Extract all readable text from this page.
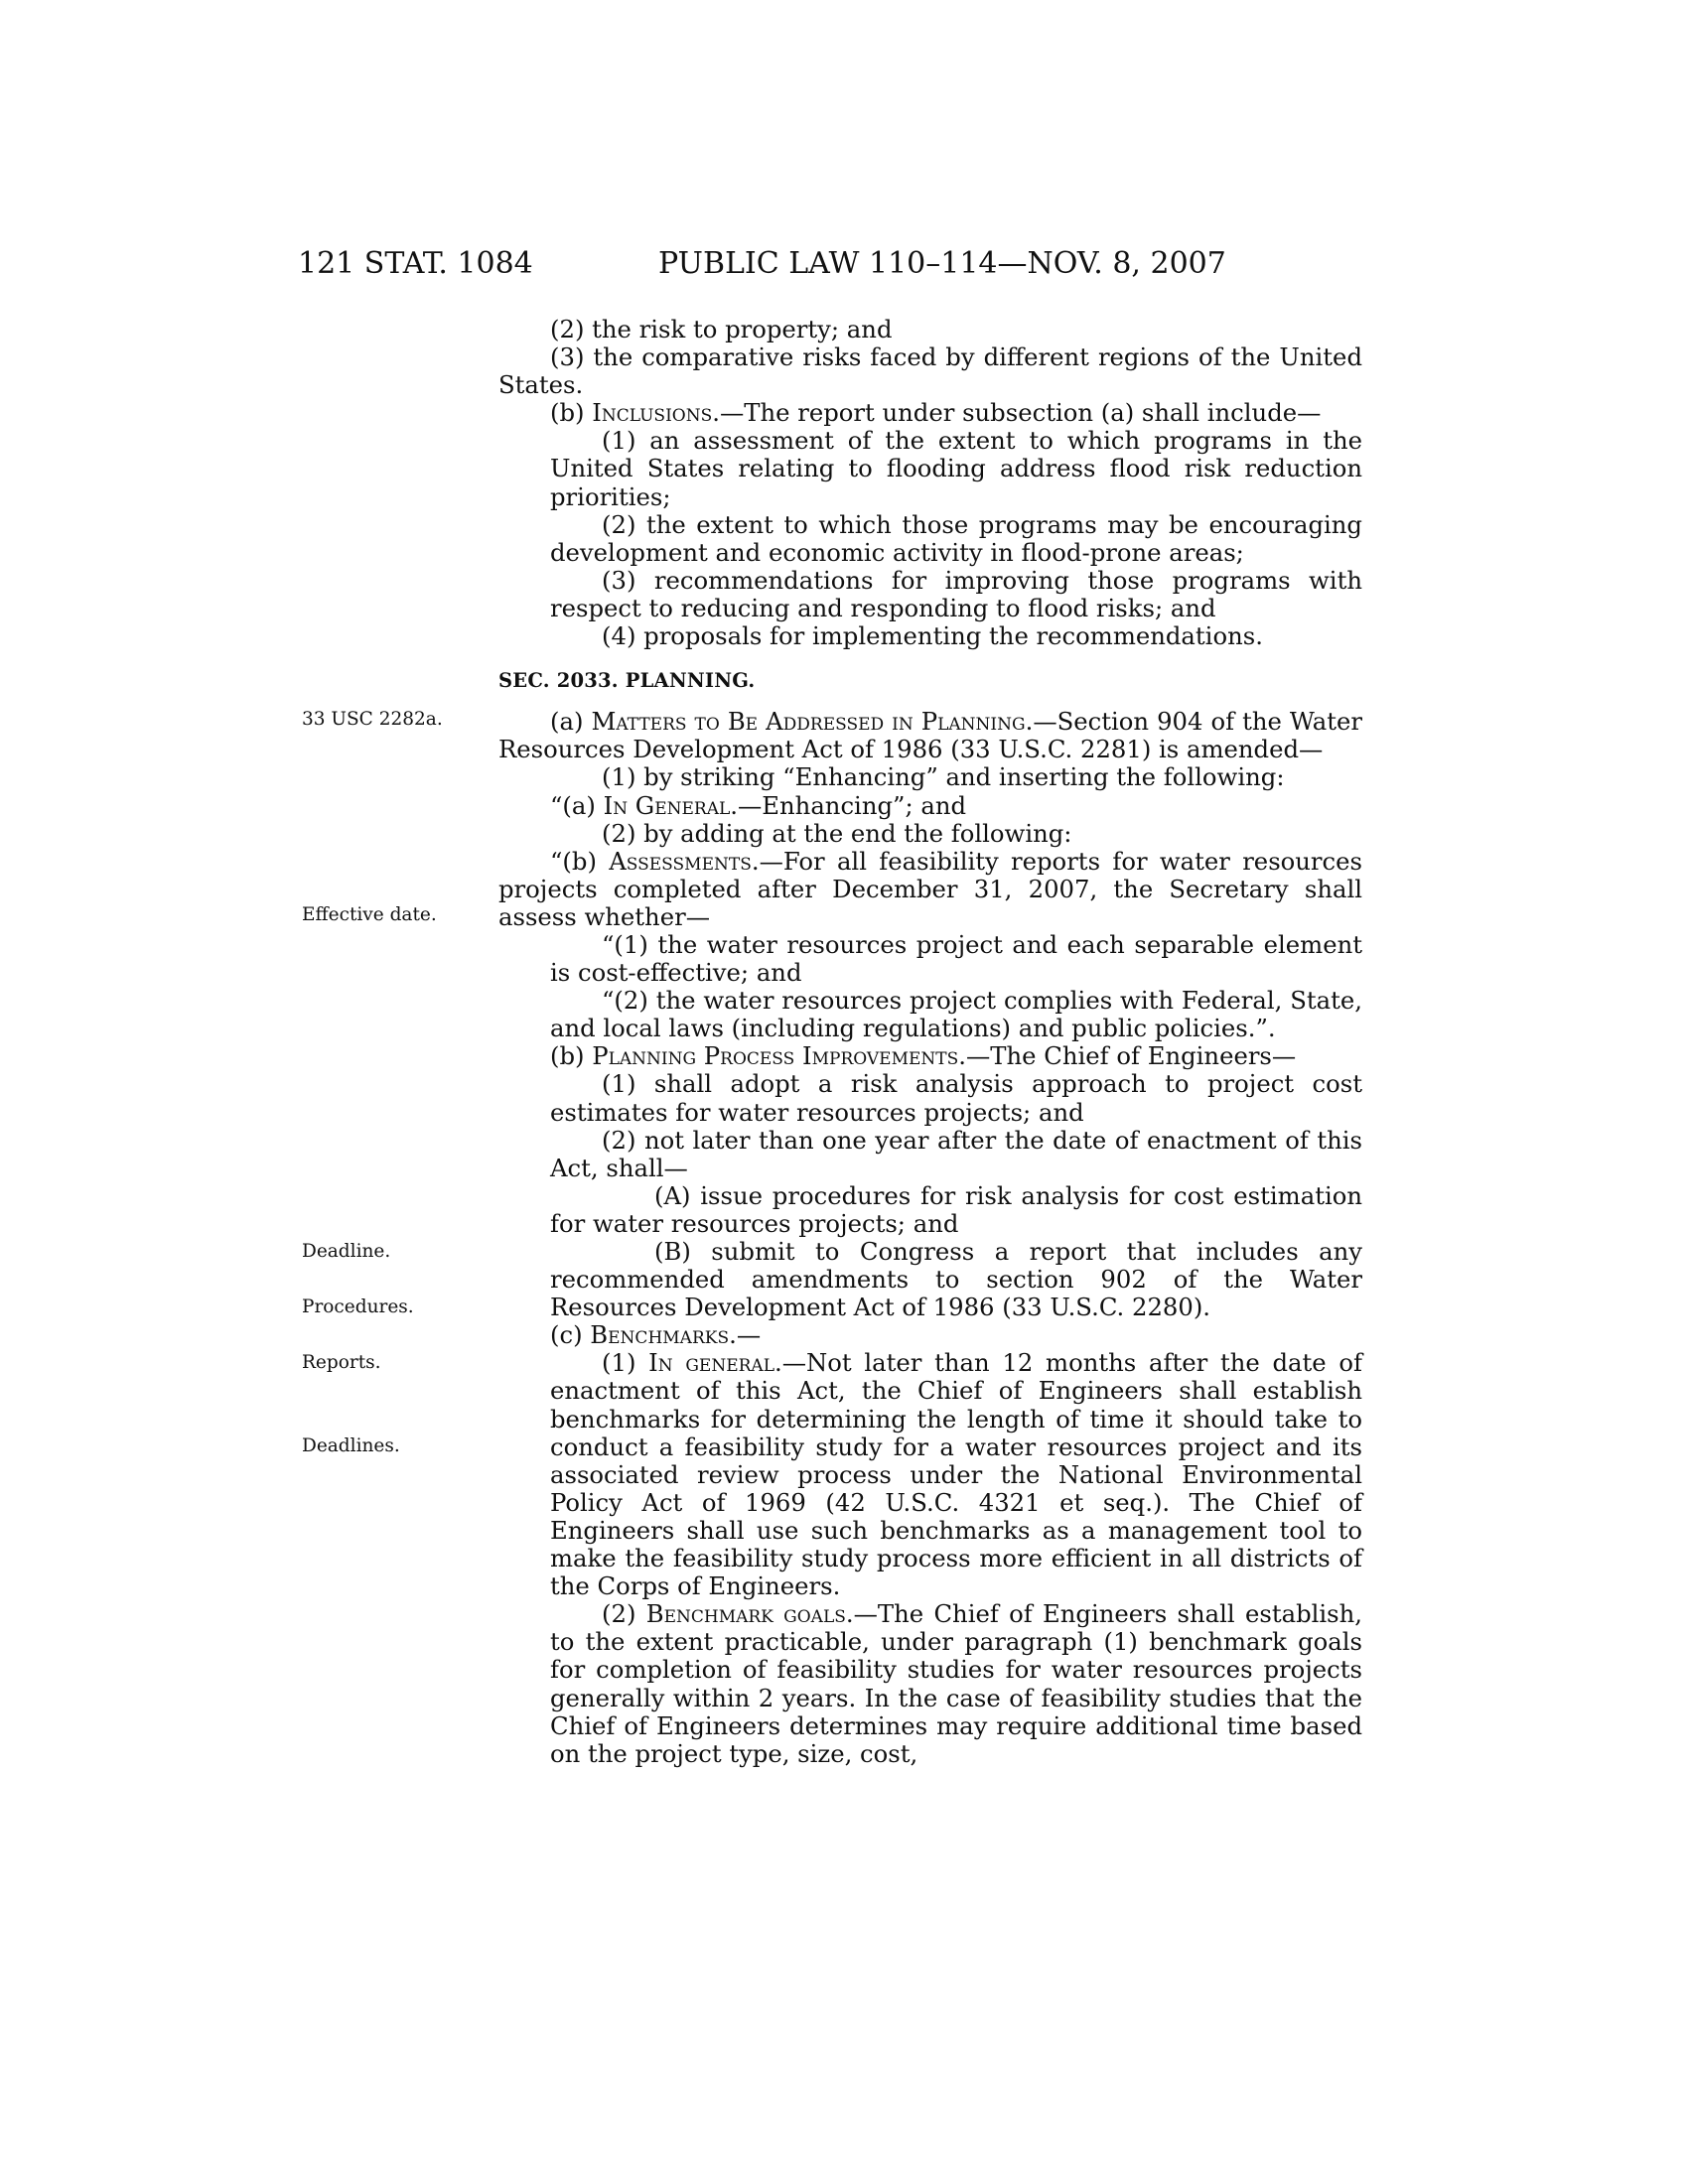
121 STAT. 1084	PUBLIC LAW 110–114—NOV. 8, 2007
33 USC 2282a.
Effective date.
Deadline.
Procedures.
Reports.
Deadlines.
(2) the risk to property; and
(3) the comparative risks faced by different regions of the United States.
(b) Inclusions.—The report under subsection (a) shall include—
(1) an assessment of the extent to which programs in the United States relating to flooding address flood risk reduction priorities;
(2) the extent to which those programs may be encouraging development and economic activity in flood-prone areas;
(3) recommendations for improving those programs with respect to reducing and responding to flood risks; and
(4) proposals for implementing the recommendations.
SEC. 2033. PLANNING.
(a) Matters to Be Addressed in Planning.—Section 904 of the Water Resources Development Act of 1986 (33 U.S.C. 2281) is amended—
(1) by striking “Enhancing” and inserting the following:
“(a) In General.—Enhancing”; and
(2) by adding at the end the following:
“(b) Assessments.—For all feasibility reports for water resources projects completed after December 31, 2007, the Secretary shall assess whether—
“(1) the water resources project and each separable element is cost-effective; and
“(2) the water resources project complies with Federal, State, and local laws (including regulations) and public policies.”.
(b) Planning Process Improvements.—The Chief of Engineers—
(1) shall adopt a risk analysis approach to project cost estimates for water resources projects; and
(2) not later than one year after the date of enactment of this Act, shall—
(A) issue procedures for risk analysis for cost estimation for water resources projects; and
(B) submit to Congress a report that includes any recommended amendments to section 902 of the Water Resources Development Act of 1986 (33 U.S.C. 2280).
(c) Benchmarks.—
(1) In general.—Not later than 12 months after the date of enactment of this Act, the Chief of Engineers shall establish benchmarks for determining the length of time it should take to conduct a feasibility study for a water resources project and its associated review process under the National Environmental Policy Act of 1969 (42 U.S.C. 4321 et seq.). The Chief of Engineers shall use such benchmarks as a management tool to make the feasibility study process more efficient in all districts of the Corps of Engineers.
(2) Benchmark goals.—The Chief of Engineers shall establish, to the extent practicable, under paragraph (1) benchmark goals for completion of feasibility studies for water resources projects generally within 2 years. In the case of feasibility studies that the Chief of Engineers determines may require additional time based on the project type, size, cost,
